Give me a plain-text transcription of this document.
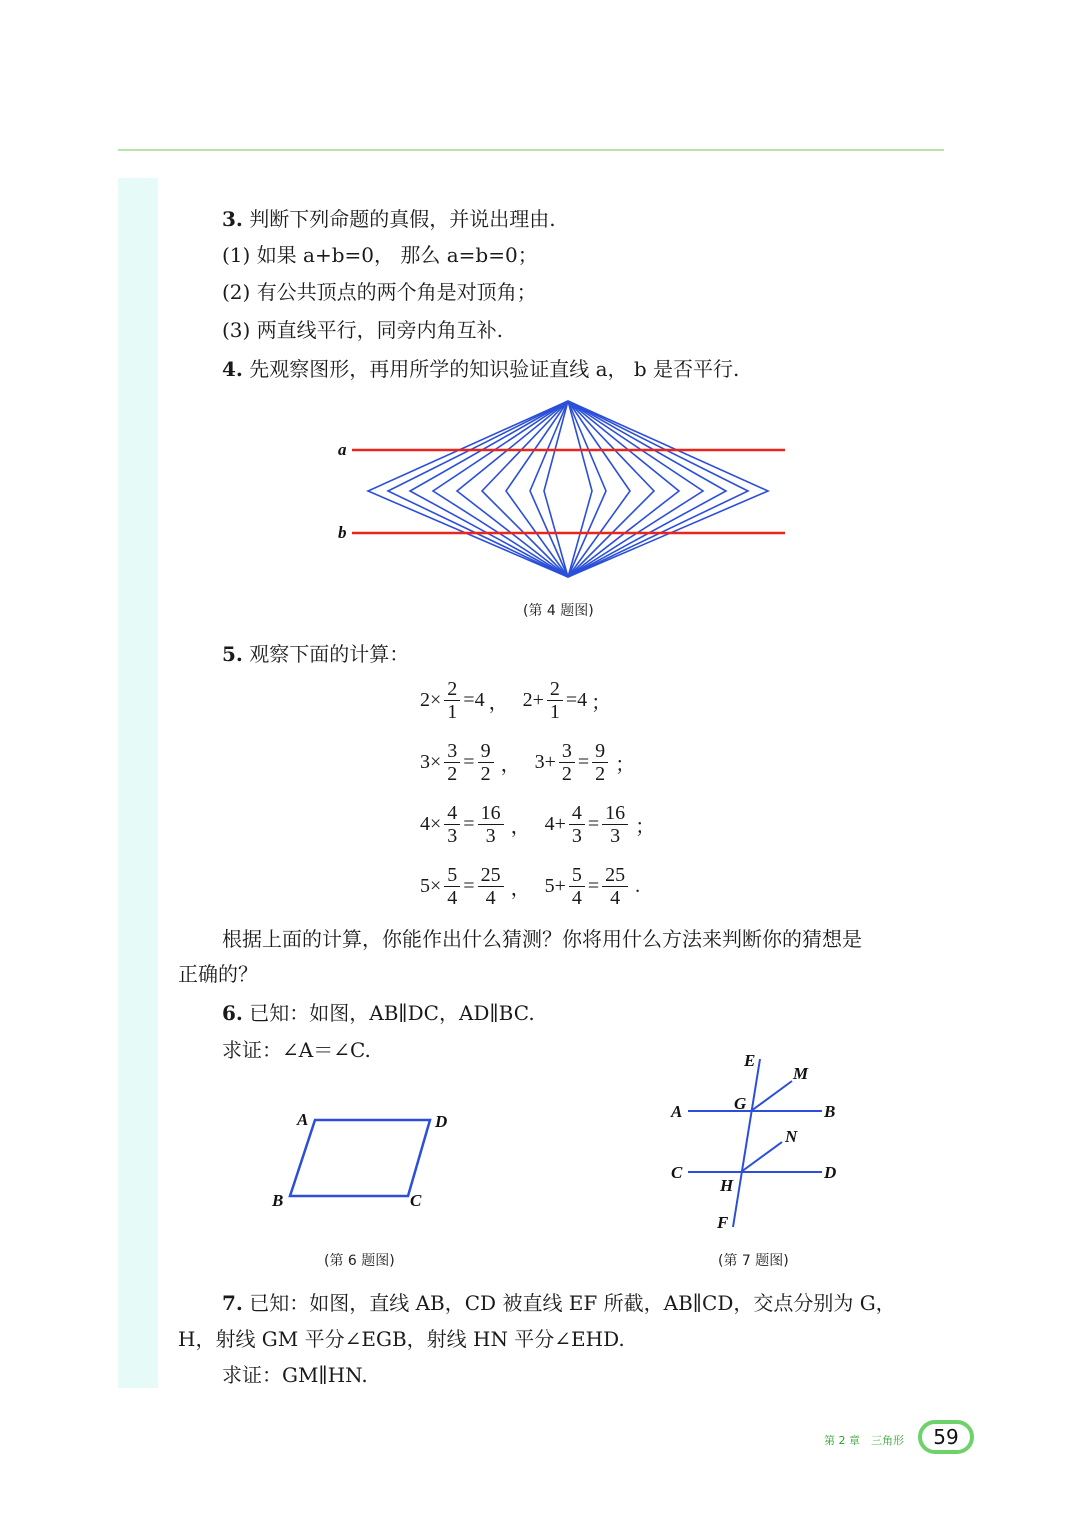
3. 判断下列命题的真假，并说出理由.
(1) 如果 a+b=0， 那么 a=b=0；
(2) 有公共顶点的两个角是对顶角；
(3) 两直线平行，同旁内角互补.
4. 先观察图形，再用所学的知识验证直线 a， b 是否平行.
a
b
(第 4 题图)
5. 观察下面的计算：
$2\times \frac{2}{1} = 4$ ， $2+ \frac{2}{1} = 4$ ；
$3\times \frac{3}{2} = \frac{9}{2}$ ， $3+ \frac{3}{2} = \frac{9}{2}$ ；
$4\times \frac{4}{3} = \frac{16}{3}$ ， $4+ \frac{4}{3} = \frac{16}{3}$ ；
$5\times \frac{5}{4} = \frac{25}{4}$ ， $5+ \frac{5}{4} = \frac{25}{4}$ .
根据上面的计算，你能作出什么猜测？你将用什么方法来判断你的猜想是
正确的？
6. 已知：如图，AB∥DC，AD∥BC.
求证：∠A＝∠C.
A	D
B	C
(第 6 题图)
E
M
A	G	B
N
C	D
H
F
(第 7 题图)
7. 已知：如图，直线 AB，CD 被直线 EF 所截，AB∥CD，交点分别为 G，
H，射线 GM 平分∠EGB，射线 HN 平分∠EHD.
求证：GM∥HN.
第 2 章　三角形	59
